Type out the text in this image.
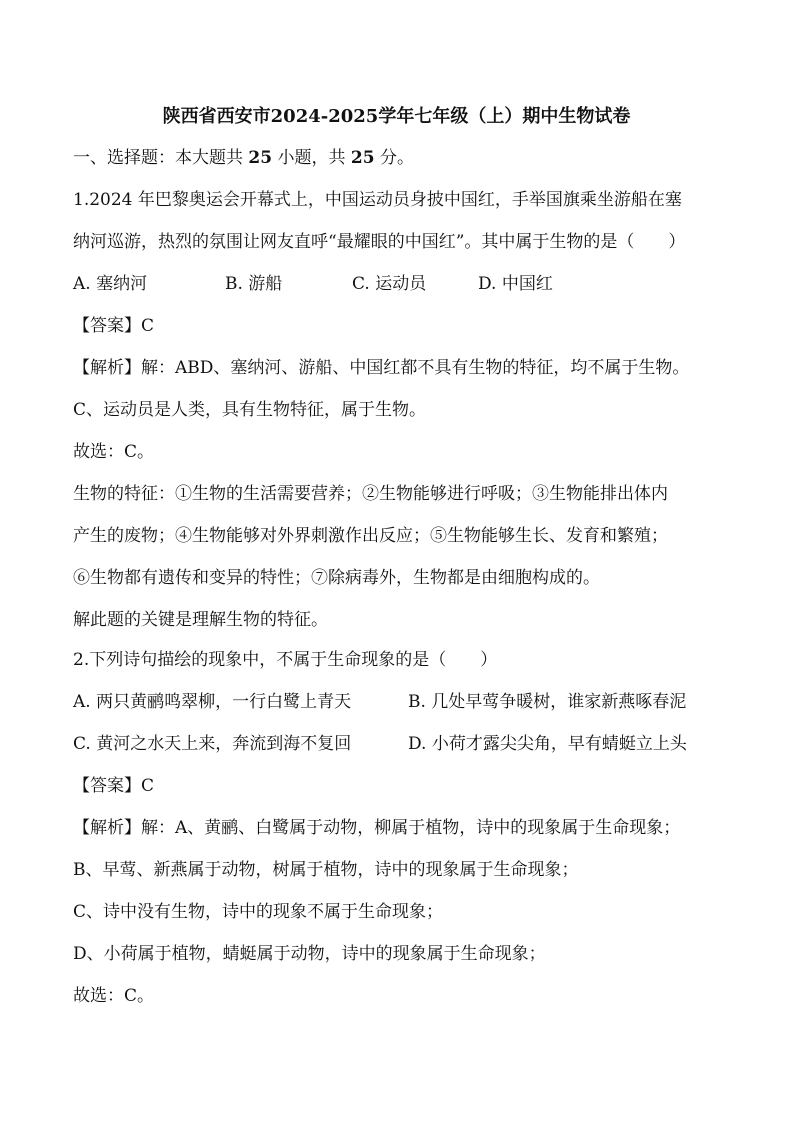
陕西省西安市2024-2025学年七年级（上）期中生物试卷
一、选择题：本大题共 25 小题，共 25 分。
1.2024 年巴黎奥运会开幕式上，中国运动员身披中国红，手举国旗乘坐游船在塞
纳河巡游，热烈的氛围让网友直呼“最耀眼的中国红”。其中属于生物的是（　　）
A. 塞纳河	B. 游船	C. 运动员	D. 中国红
【答案】C
【解析】解：ABD、塞纳河、游船、中国红都不具有生物的特征，均不属于生物。
C、运动员是人类，具有生物特征，属于生物。
故选：C。
生物的特征：①生物的生活需要营养；②生物能够进行呼吸；③生物能排出体内
产生的废物；④生物能够对外界刺激作出反应；⑤生物能够生长、发育和繁殖；
⑥生物都有遗传和变异的特性；⑦除病毒外，生物都是由细胞构成的。
解此题的关键是理解生物的特征。
2.下列诗句描绘的现象中，不属于生命现象的是（　　）
A. 两只黄鹂鸣翠柳，一行白鹭上青天	B. 几处早莺争暖树，谁家新燕啄春泥
C. 黄河之水天上来，奔流到海不复回	D. 小荷才露尖尖角，早有蜻蜓立上头
【答案】C
【解析】解：A、黄鹂、白鹭属于动物，柳属于植物，诗中的现象属于生命现象；
B、早莺、新燕属于动物，树属于植物，诗中的现象属于生命现象；
C、诗中没有生物，诗中的现象不属于生命现象；
D、小荷属于植物，蜻蜓属于动物，诗中的现象属于生命现象；
故选：C。
